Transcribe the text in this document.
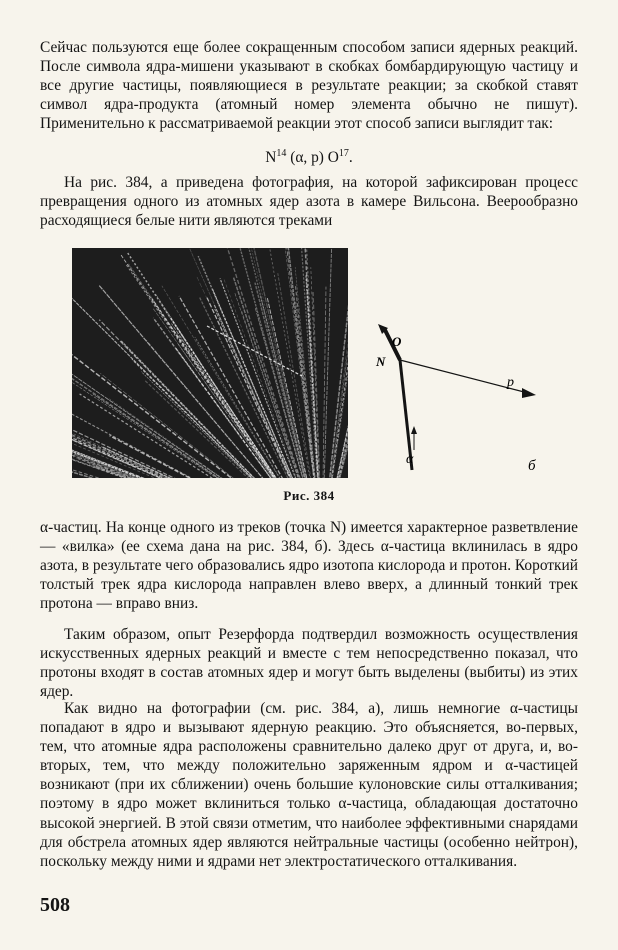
Сейчас пользуются еще более сокращенным способом записи ядерных реакций. После символа ядра-мишени указывают в скобках бомбардирующую частицу и все другие частицы, появляющиеся в результате реакции; за скобкой ставят символ ядра-продукта (атомный номер элемента обычно не пишут). Применительно к рассматриваемой реакции этот способ записи выглядит так:

$N^{14}$ (α, p) $O^{17}$.

На рис. 384, а приведена фотография, на которой зафиксирован процесс превращения одного из атомных ядер азота в камере Вильсона. Веерообразно расходящиеся белые нити являются треками

O
N
p
α	б
Рис. 384

α-частиц. На конце одного из треков (точка N) имеется характерное разветвление — «вилка» (ее схема дана на рис. 384, б). Здесь α-частица вклинилась в ядро азота, в результате чего образовались ядро изотопа кислорода и протон. Короткий толстый трек ядра кислорода направлен влево вверх, а длинный тонкий трек протона — вправо вниз.

Таким образом, опыт Резерфорда подтвердил возможность осуществления искусственных ядерных реакций и вместе с тем непосредственно показал, что протоны входят в состав атомных ядер и могут быть выделены (выбиты) из этих ядер.

Как видно на фотографии (см. рис. 384, а), лишь немногие α-частицы попадают в ядро и вызывают ядерную реакцию. Это объясняется, во-первых, тем, что атомные ядра расположены сравнительно далеко друг от друга, и, во-вторых, тем, что между положительно заряженным ядром и α-частицей возникают (при их сближении) очень большие кулоновские силы отталкивания; поэтому в ядро может вклиниться только α-частица, обладающая достаточно высокой энергией. В этой связи отметим, что наиболее эффективными снарядами для обстрела атомных ядер являются нейтральные частицы (особенно нейтрон), поскольку между ними и ядрами нет электростатического отталкивания.

508
